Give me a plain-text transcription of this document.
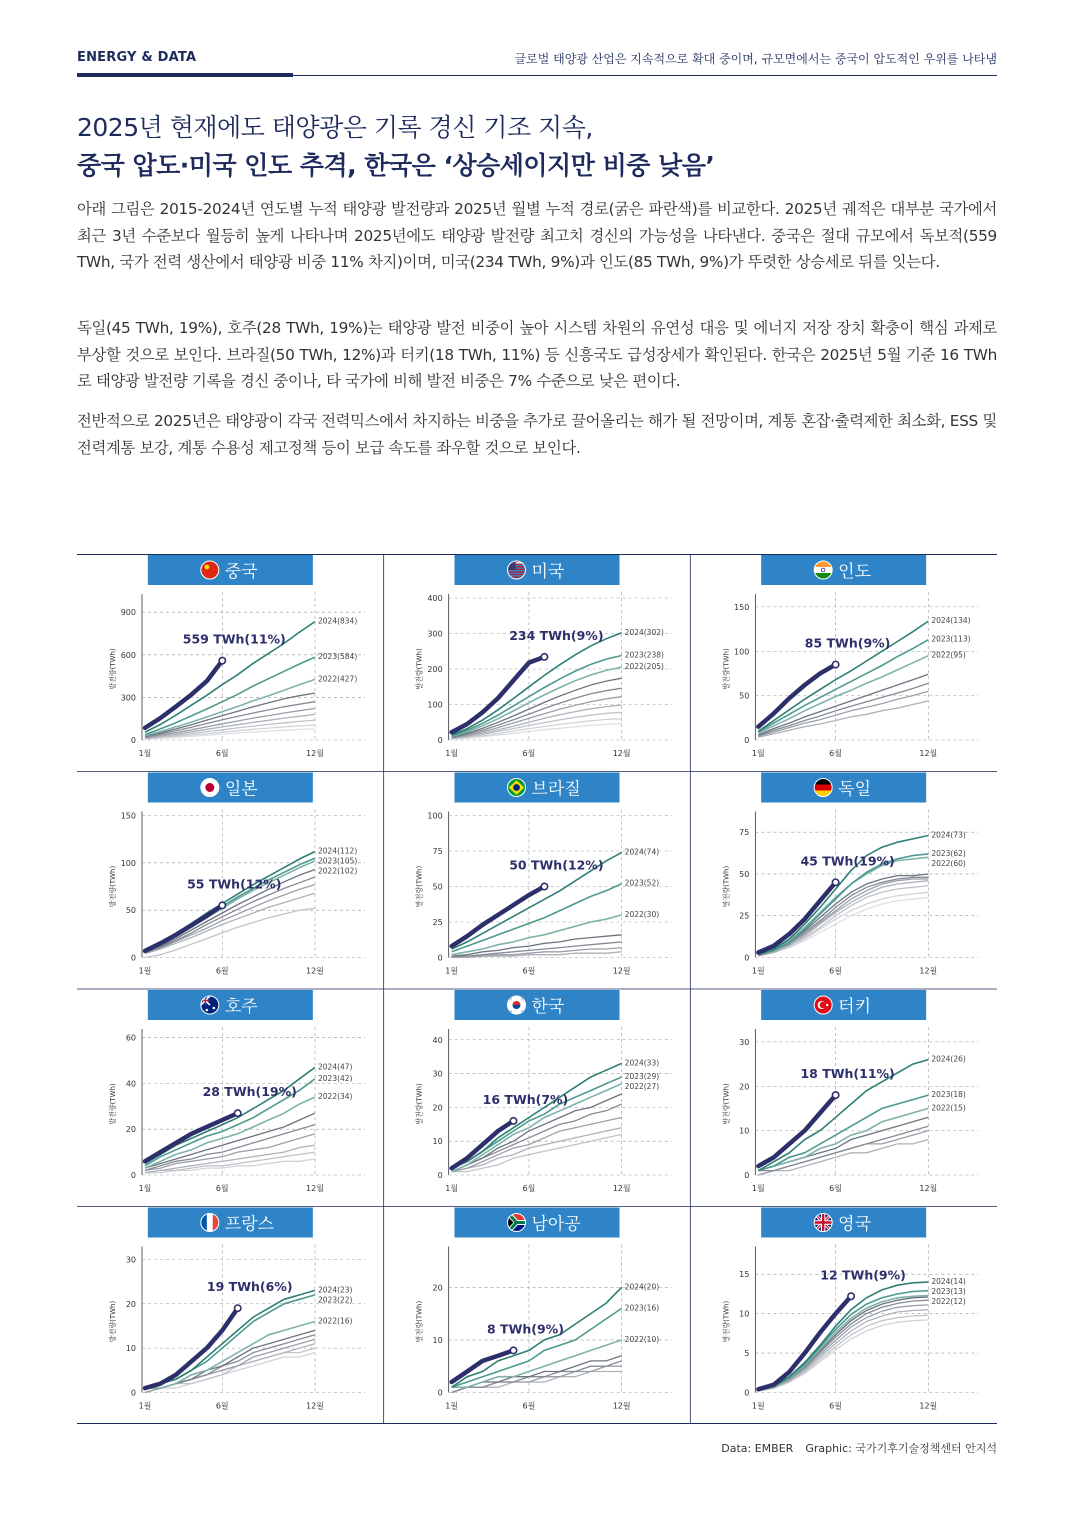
ENERGY & DATA	글로벌 태양광 산업은 지속적으로 확대 중이며, 규모면에서는 중국이 압도적인 우위를 나타냄
2025년 현재에도 태양광은 기록 경신 기조 지속,
중국 압도·미국 인도 추격, 한국은 ‘상승세이지만 비중 낮음’
아래 그림은 2015-2024년 연도별 누적 태양광 발전량과 2025년 월별 누적 경로(굵은 파란색)를 비교한다. 2025년 궤적은 대부분 국가에서 최근 3년 수준보다 월등히 높게 나타나며 2025년에도 태양광 발전량 최고치 경신의 가능성을 나타낸다. 중국은 절대 규모에서 독보적(559 TWh, 국가 전력 생산에서 태양광 비중 11% 차지)이며, 미국(234 TWh, 9%)과 인도(85 TWh, 9%)가 뚜렷한 상승세로 뒤를 잇는다.
독일(45 TWh, 19%), 호주(28 TWh, 19%)는 태양광 발전 비중이 높아 시스템 차원의 유연성 대응 및 에너지 저장 장치 확충이 핵심 과제로 부상할 것으로 보인다. 브라질(50 TWh, 12%)과 터키(18 TWh, 11%) 등 신흥국도 급성장세가 확인된다. 한국은 2025년 5월 기준 16 TWh로 태양광 발전량 기록을 경신 중이나, 타 국가에 비해 발전 비중은 7% 수준으로 낮은 편이다.
전반적으로 2025년은 태양광이 각국 전력믹스에서 차지하는 비중을 추가로 끌어올리는 해가 될 전망이며, 계통 혼잡·출력제한 최소화, ESS 및 전력계통 보강, 계통 수용성 제고정책 등이 보급 속도를 좌우할 것으로 보인다.
중국
0
300
600
900
1월	6월	12월
발전량(TWh)
2024(834)
2023(584)
2022(427)
559 TWh(11%)
미국
0
100
200
300
400
1월	6월	12월
발전량(TWh)
2024(302)
2023(238)
2022(205)
234 TWh(9%)
인도
0
50
100
150
1월	6월	12월
발전량(TWh)
2024(134)
2023(113)
2022(95)
85 TWh(9%)
일본
0
50
100
150
1월	6월	12월
발전량(TWh)
2024(112)
2023(105)
2022(102)
55 TWh(12%)
브라질
0
25
50
75
100
1월	6월	12월
발전량(TWh)
2024(74)
2023(52)
2022(30)
50 TWh(12%)
독일
0
25
50
75
1월	6월	12월
발전량(TWh)
2024(73)
2023(62)
2022(60)
45 TWh(19%)
호주
0
20
40
60
1월	6월	12월
발전량(TWh)
2024(47)
2023(42)
2022(34)
28 TWh(19%)
한국
0
10
20
30
40
1월	6월	12월
발전량(TWh)
2024(33)
2023(29)
2022(27)
16 TWh(7%)
터키
0
10
20
30
1월	6월	12월
발전량(TWh)
2024(26)
2023(18)
2022(15)
18 TWh(11%)
프랑스
0
10
20
30
1월	6월	12월
발전량(TWh)
2024(23)
2023(22)
2022(16)
19 TWh(6%)
남아공
0
10
20
1월	6월	12월
발전량(TWh)
2024(20)
2023(16)
2022(10)
8 TWh(9%)
영국
0
5
10
15
1월	6월	12월
발전량(TWh)
2024(14)
2023(13)
2022(12)
12 TWh(9%)
Data: EMBER Graphic: 국가기후기술정책센터 안지석
